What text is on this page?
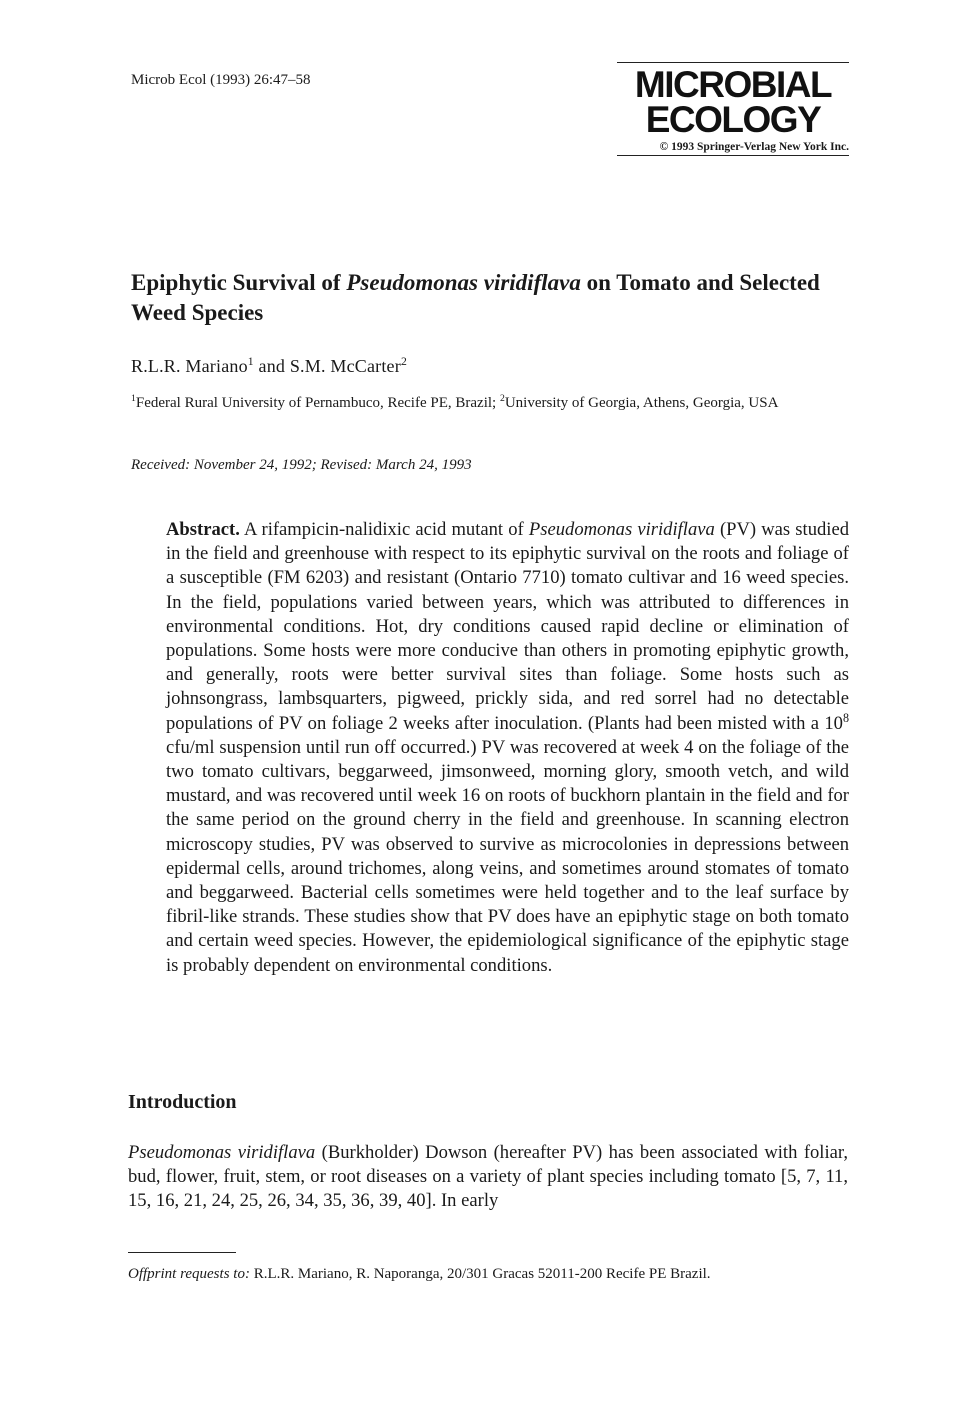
Microb Ecol (1993) 26:47–58	MICROBIAL
ECOLOGY
© 1993 Springer-Verlag New York Inc.
Epiphytic Survival of Pseudomonas viridiflava on Tomato and Selected Weed Species
R.L.R. Mariano$^1$ and S.M. McCarter$^2$
$^1$Federal Rural University of Pernambuco, Recife PE, Brazil; $^2$University of Georgia, Athens, Georgia, USA
Received: November 24, 1992; Revised: March 24, 1993
Abstract. A rifampicin-nalidixic acid mutant of Pseudomonas viridiflava (PV) was studied in the field and greenhouse with respect to its epiphytic survival on the roots and foliage of a susceptible (FM 6203) and resistant (Ontario 7710) tomato cultivar and 16 weed species. In the field, populations varied between years, which was attributed to differences in environmental conditions. Hot, dry conditions caused rapid decline or elimination of populations. Some hosts were more conducive than others in promoting epiphytic growth, and generally, roots were better survival sites than foliage. Some hosts such as johnsongrass, lambsquarters, pigweed, prickly sida, and red sorrel had no detectable populations of PV on foliage 2 weeks after inoculation. (Plants had been misted with a $10^8$ cfu/ml suspension until run off occurred.) PV was recovered at week 4 on the foliage of the two tomato cultivars, beggarweed, jimsonweed, morning glory, smooth vetch, and wild mustard, and was recovered until week 16 on roots of buckhorn plantain in the field and for the same period on the ground cherry in the field and greenhouse. In scanning electron microscopy studies, PV was observed to survive as microcolonies in depressions between epidermal cells, around trichomes, along veins, and sometimes around stomates of tomato and beggarweed. Bacterial cells sometimes were held together and to the leaf surface by fibril-like strands. These studies show that PV does have an epiphytic stage on both tomato and certain weed species. However, the epidemiological significance of the epiphytic stage is probably dependent on environmental conditions.
Introduction
Pseudomonas viridiflava (Burkholder) Dowson (hereafter PV) has been associated with foliar, bud, flower, fruit, stem, or root diseases on a variety of plant species including tomato [5, 7, 11, 15, 16, 21, 24, 25, 26, 34, 35, 36, 39, 40]. In early
Offprint requests to: R.L.R. Mariano, R. Naporanga, 20/301 Gracas 52011-200 Recife PE Brazil.
